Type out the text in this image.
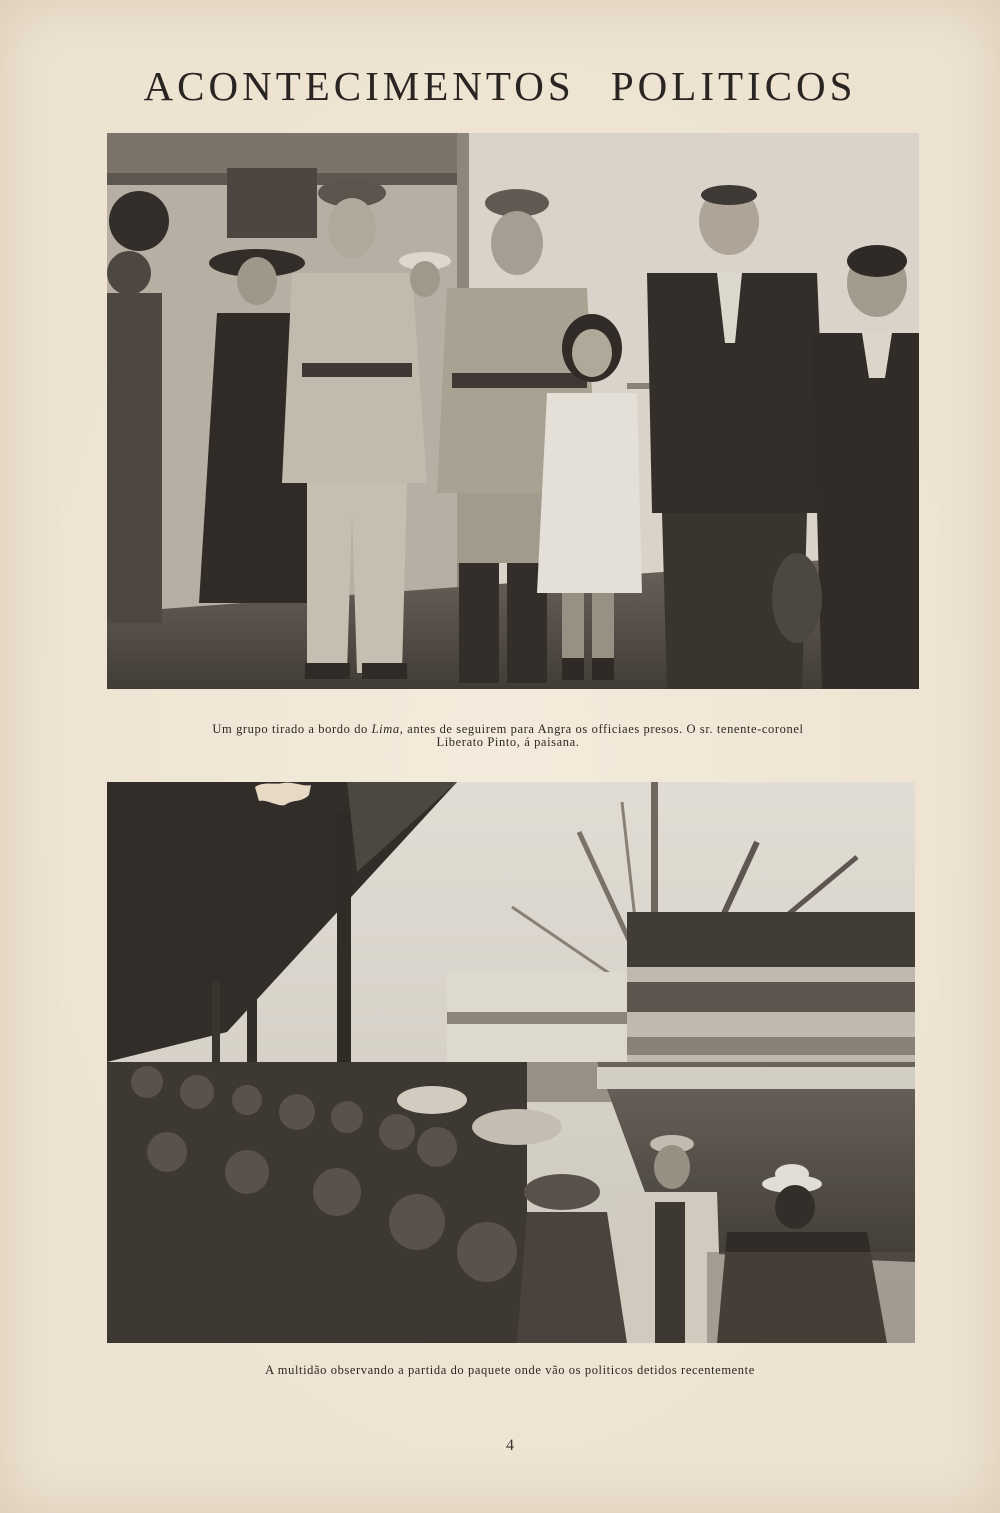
ACONTECIMENTOS POLITICOS
Um grupo tirado a bordo do Lima, antes de seguirem para Angra os officiaes presos. O sr. tenente-coronel
Liberato Pinto, á paisana.
A multidão observando a partida do paquete onde vão os politicos detidos recentemente
4
